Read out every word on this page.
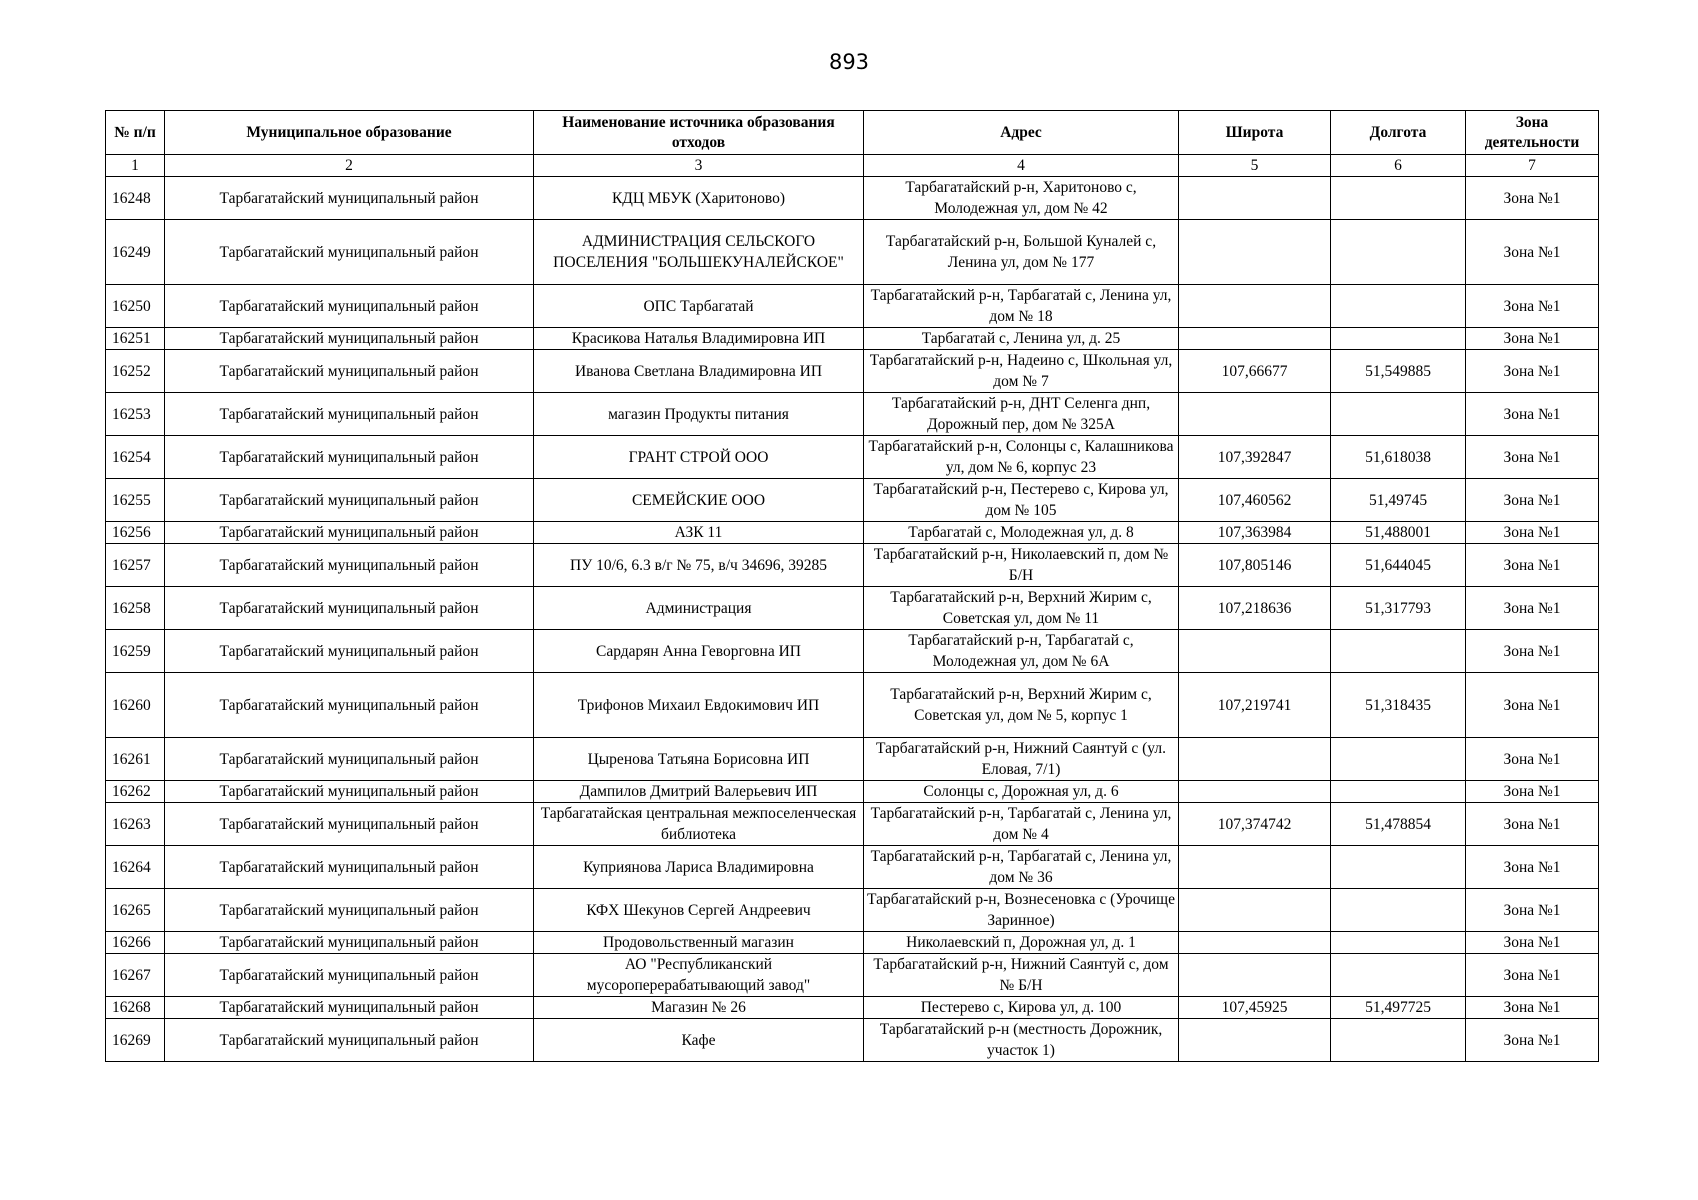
893
№ п/п	Муниципальное образование	Наименование источника образования отходов	Адрес	Широта	Долгота	Зона деятельности
1	2	3	4	5	6	7
16248	Тарбагатайский муниципальный район	КДЦ МБУК (Харитоново)	Тарбагатайский р-н, Харитоново с, Молодежная ул, дом № 42			Зона №1
16249	Тарбагатайский муниципальный район	АДМИНИСТРАЦИЯ СЕЛЬСКОГО ПОСЕЛЕНИЯ "БОЛЬШЕКУНАЛЕЙСКОЕ"	Тарбагатайский р-н, Большой Куналей с, Ленина ул, дом № 177			Зона №1
16250	Тарбагатайский муниципальный район	ОПС Тарбагатай	Тарбагатайский р-н, Тарбагатай с, Ленина ул, дом № 18			Зона №1
16251	Тарбагатайский муниципальный район	Красикова Наталья Владимировна ИП	Тарбагатай с, Ленина ул, д. 25			Зона №1
16252	Тарбагатайский муниципальный район	Иванова Светлана Владимировна ИП	Тарбагатайский р-н, Надеино с, Школьная ул, дом № 7	107,66677	51,549885	Зона №1
16253	Тарбагатайский муниципальный район	магазин Продукты питания	Тарбагатайский р-н, ДНТ Селенга днп, Дорожный пер, дом № 325А			Зона №1
16254	Тарбагатайский муниципальный район	ГРАНТ СТРОЙ ООО	Тарбагатайский р-н, Солонцы с, Калашникова ул, дом № 6, корпус 23	107,392847	51,618038	Зона №1
16255	Тарбагатайский муниципальный район	СЕМЕЙСКИЕ ООО	Тарбагатайский р-н, Пестерево с, Кирова ул, дом № 105	107,460562	51,49745	Зона №1
16256	Тарбагатайский муниципальный район	АЗК 11	Тарбагатай с, Молодежная ул, д. 8	107,363984	51,488001	Зона №1
16257	Тарбагатайский муниципальный район	ПУ 10/6, 6.3 в/г № 75, в/ч 34696, 39285	Тарбагатайский р-н, Николаевский п, дом № Б/Н	107,805146	51,644045	Зона №1
16258	Тарбагатайский муниципальный район	Администрация	Тарбагатайский р-н, Верхний Жирим с, Советская ул, дом № 11	107,218636	51,317793	Зона №1
16259	Тарбагатайский муниципальный район	Сардарян Анна Геворговна ИП	Тарбагатайский р-н, Тарбагатай с, Молодежная ул, дом № 6А			Зона №1
16260	Тарбагатайский муниципальный район	Трифонов Михаил Евдокимович ИП	Тарбагатайский р-н, Верхний Жирим с, Советская ул, дом № 5, корпус 1	107,219741	51,318435	Зона №1
16261	Тарбагатайский муниципальный район	Цыренова Татьяна Борисовна ИП	Тарбагатайский р-н, Нижний Саянтуй с (ул. Еловая, 7/1)			Зона №1
16262	Тарбагатайский муниципальный район	Дампилов Дмитрий Валерьевич ИП	Солонцы с, Дорожная ул, д. 6			Зона №1
16263	Тарбагатайский муниципальный район	Тарбагатайская центральная межпоселенческая библиотека	Тарбагатайский р-н, Тарбагатай с, Ленина ул, дом № 4	107,374742	51,478854	Зона №1
16264	Тарбагатайский муниципальный район	Куприянова Лариса Владимировна	Тарбагатайский р-н, Тарбагатай с, Ленина ул, дом № 36			Зона №1
16265	Тарбагатайский муниципальный район	КФХ Шекунов Сергей Андреевич	Тарбагатайский р-н, Вознесеновка с (Урочище Заринное)			Зона №1
16266	Тарбагатайский муниципальный район	Продовольственный магазин	Николаевский п, Дорожная ул, д. 1			Зона №1
16267	Тарбагатайский муниципальный район	АО "Республиканский мусороперерабатывающий завод"	Тарбагатайский р-н, Нижний Саянтуй с, дом № Б/Н			Зона №1
16268	Тарбагатайский муниципальный район	Магазин № 26	Пестерево с, Кирова ул, д. 100	107,45925	51,497725	Зона №1
16269	Тарбагатайский муниципальный район	Кафе	Тарбагатайский р-н (местность Дорожник, участок 1)			Зона №1
